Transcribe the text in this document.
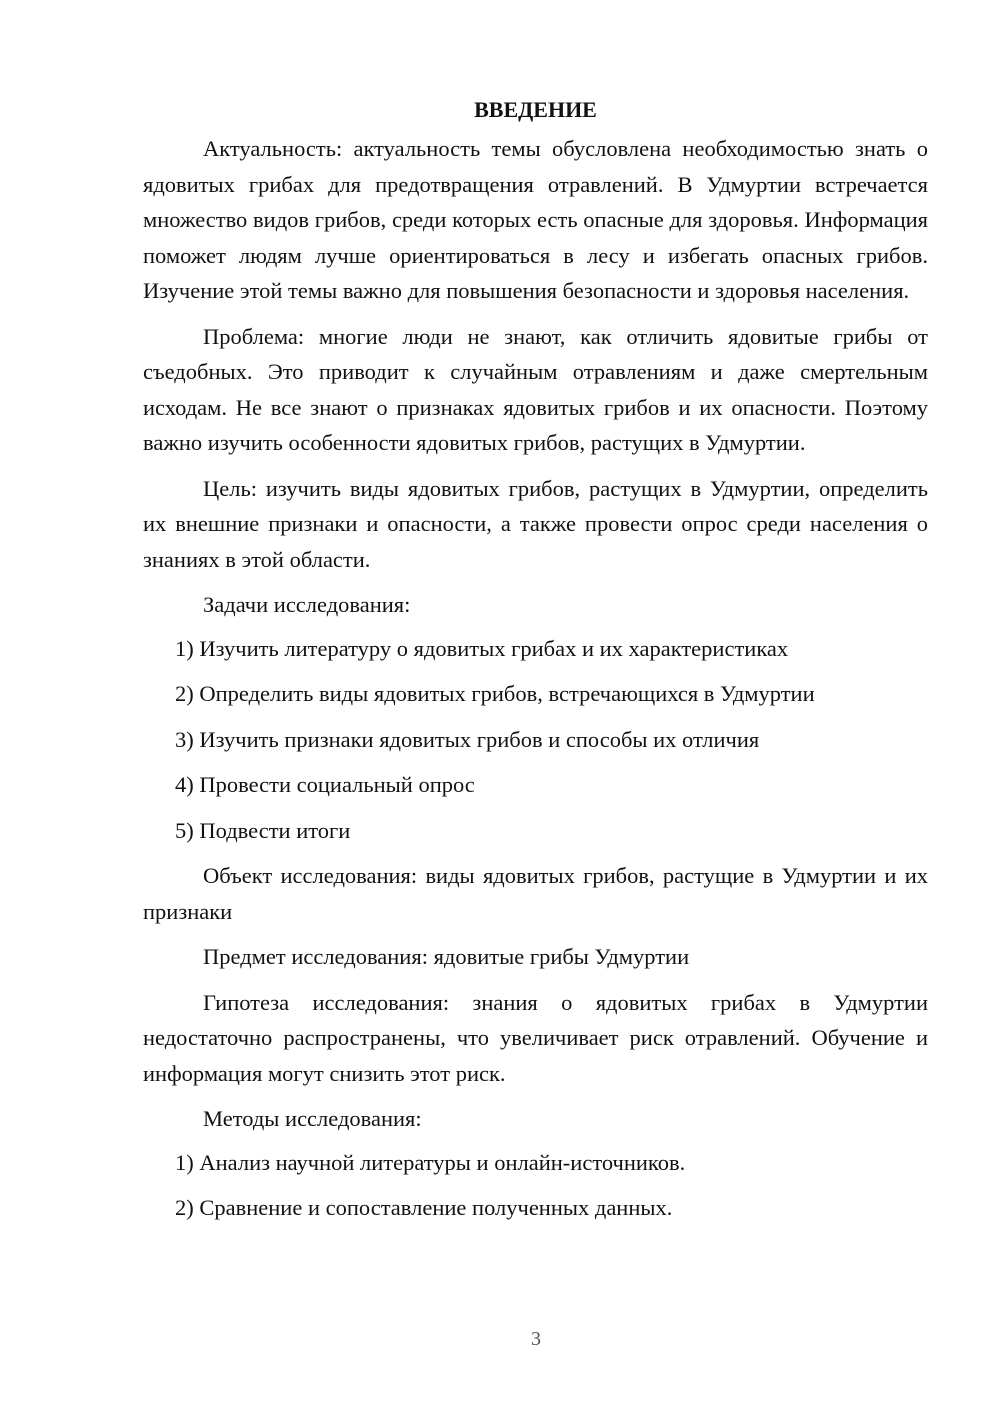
ВВЕДЕНИЕ

Актуальность: актуальность темы обусловлена необходимостью знать о ядовитых грибах для предотвращения отравлений. В Удмуртии встречается множество видов грибов, среди которых есть опасные для здоровья. Информация поможет людям лучше ориентироваться в лесу и избегать опасных грибов. Изучение этой темы важно для повышения безопасности и здоровья населения.

Проблема: многие люди не знают, как отличить ядовитые грибы от съедобных. Это приводит к случайным отравлениям и даже смертельным исходам. Не все знают о признаках ядовитых грибов и их опасности. Поэтому важно изучить особенности ядовитых грибов, растущих в Удмуртии.

Цель: изучить виды ядовитых грибов, растущих в Удмуртии, определить их внешние признаки и опасности, а также провести опрос среди населения о знаниях в этой области.

Задачи исследования:

1) Изучить литературу о ядовитых грибах и их характеристиках

2) Определить виды ядовитых грибов, встречающихся в Удмуртии

3) Изучить признаки ядовитых грибов и способы их отличия

4) Провести социальный опрос

5) Подвести итоги

Объект исследования: виды ядовитых грибов, растущие в Удмуртии и их признаки

Предмет исследования: ядовитые грибы Удмуртии

Гипотеза исследования: знания о ядовитых грибах в Удмуртии недостаточно распространены, что увеличивает риск отравлений. Обучение и информация могут снизить этот риск.

Методы исследования:

1) Анализ научной литературы и онлайн-источников.

2) Сравнение и сопоставление полученных данных.

3
